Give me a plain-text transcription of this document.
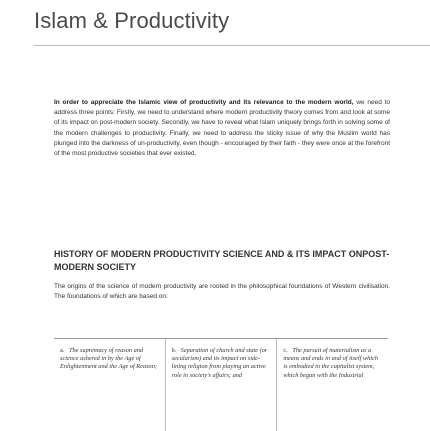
Islam & Productivity

In order to appreciate the Islamic view of productivity and its relevance to the modern world, we need to address three points: Firstly, we need to understand where modern productivity theory comes from and look at some of its impact on post-modern society. Secondly, we have to reveal what Islam uniquely brings forth in solving some of the modern challenges to productivity. Finally, we need to address the sticky issue of why the Muslim world has plunged into the darkness of un-productivity, even though - encouraged by their faith - they were once at the forefront of the most productive societies that ever existed.

HISTORY OF MODERN PRODUCTIVITY SCIENCE AND & ITS IMPACT ONPOST-MODERN SOCIETY

The origins of the science of modern productivity are rooted in the philosophical foundations of Western civilisation. The foundations of which are based on:

a. The supremacy of reason and science ushered in by the Age of Enlightenment and the Age of Reason;
b. Separation of church and state (or secularism) and its impact on side-lining religion from playing an active role in society's affairs; and
c. The pursuit of materialism as a means and ends in and of itself which is embodied in the capitalist system, which began with the Industrial
